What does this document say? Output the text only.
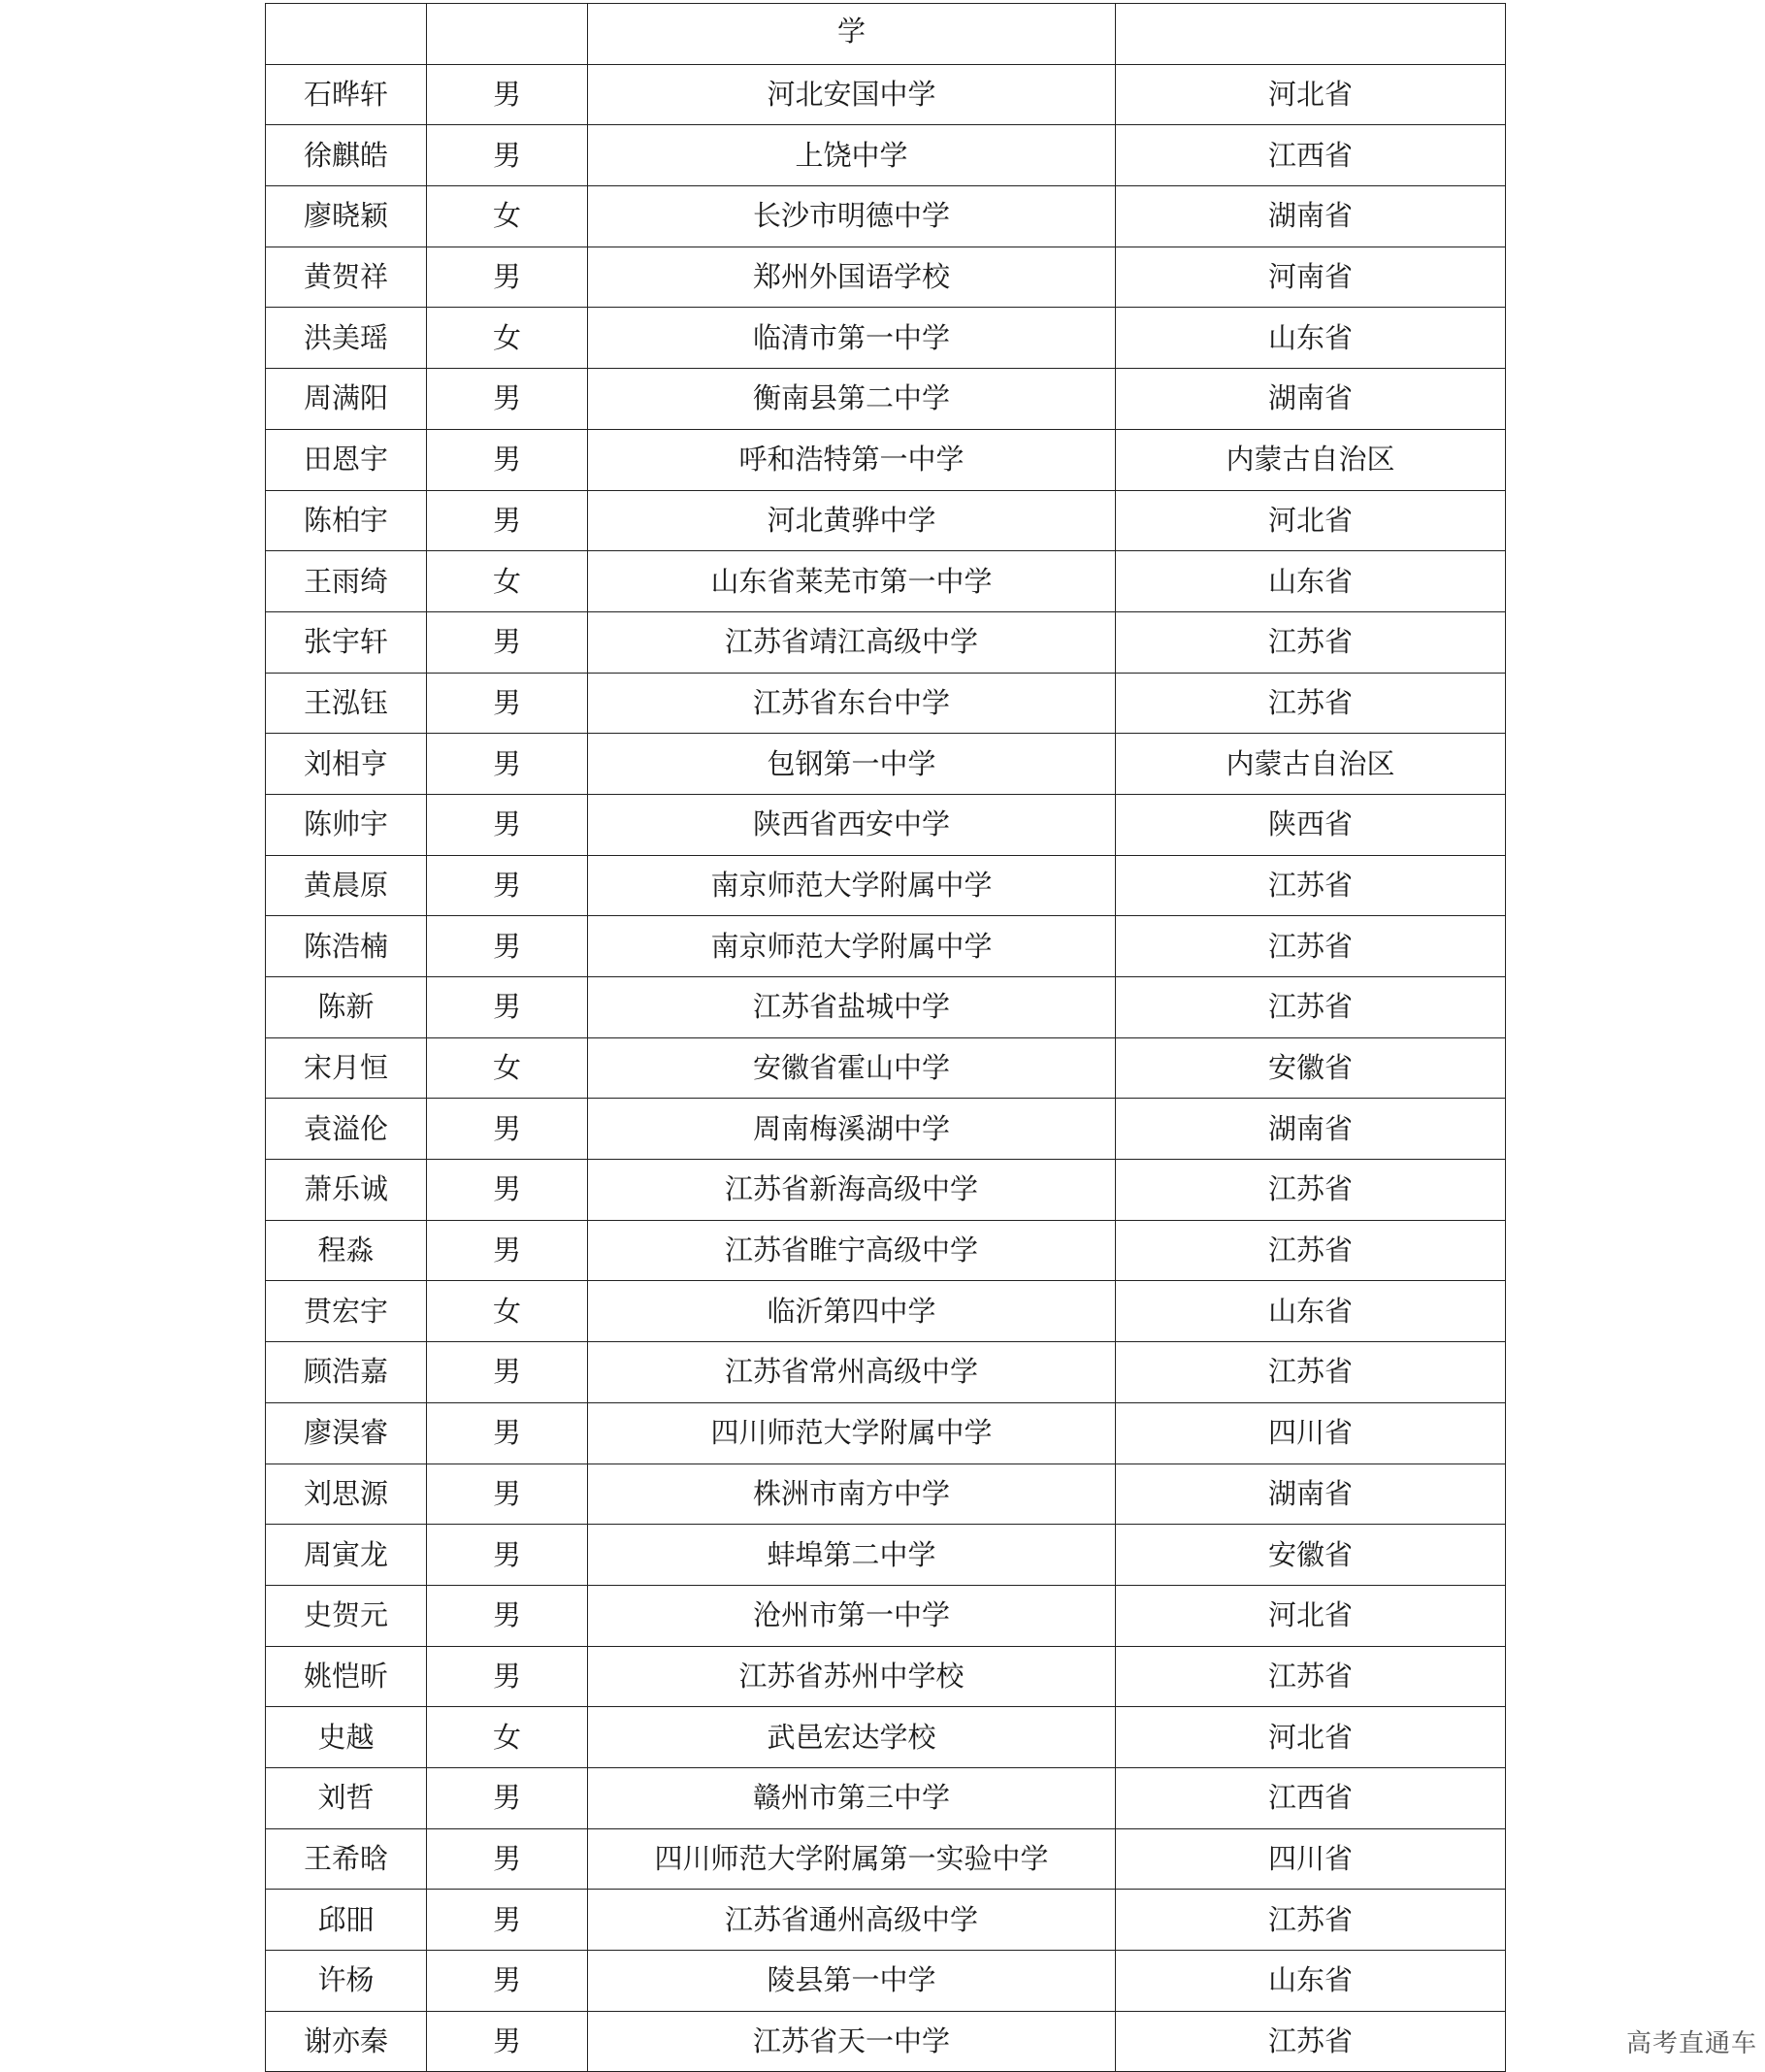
		学	
石晔轩	男	河北安国中学	河北省
徐麒皓	男	上饶中学	江西省
廖晓颖	女	长沙市明德中学	湖南省
黄贺祥	男	郑州外国语学校	河南省
洪美瑶	女	临清市第一中学	山东省
周满阳	男	衡南县第二中学	湖南省
田恩宇	男	呼和浩特第一中学	内蒙古自治区
陈柏宇	男	河北黄骅中学	河北省
王雨绮	女	山东省莱芜市第一中学	山东省
张宇轩	男	江苏省靖江高级中学	江苏省
王泓钰	男	江苏省东台中学	江苏省
刘相亨	男	包钢第一中学	内蒙古自治区
陈帅宇	男	陕西省西安中学	陕西省
黄晨原	男	南京师范大学附属中学	江苏省
陈浩楠	男	南京师范大学附属中学	江苏省
陈新	男	江苏省盐城中学	江苏省
宋月恒	女	安徽省霍山中学	安徽省
袁溢伦	男	周南梅溪湖中学	湖南省
萧乐诚	男	江苏省新海高级中学	江苏省
程淼	男	江苏省睢宁高级中学	江苏省
贯宏宇	女	临沂第四中学	山东省
顾浩嘉	男	江苏省常州高级中学	江苏省
廖淏睿	男	四川师范大学附属中学	四川省
刘思源	男	株洲市南方中学	湖南省
周寅龙	男	蚌埠第二中学	安徽省
史贺元	男	沧州市第一中学	河北省
姚恺昕	男	江苏省苏州中学校	江苏省
史越	女	武邑宏达学校	河北省
刘哲	男	赣州市第三中学	江西省
王希晗	男	四川师范大学附属第一实验中学	四川省
邱昍	男	江苏省通州高级中学	江苏省
许杨	男	陵县第一中学	山东省
谢亦秦	男	江苏省天一中学	江苏省	高考直通车
